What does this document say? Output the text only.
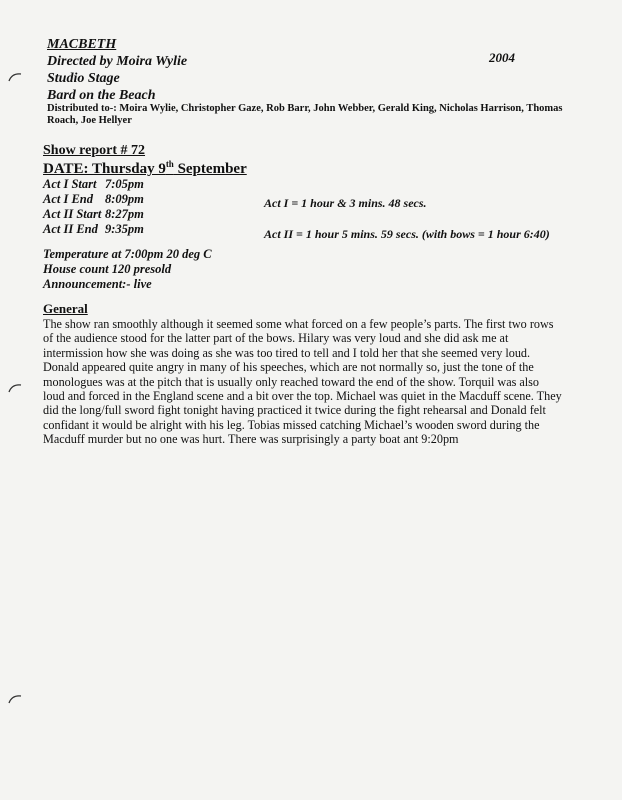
MACBETH
Directed by Moira Wylie
Studio Stage
Bard on the Beach
2004
Distributed to-: Moira Wylie, Christopher Gaze, Rob Barr, John Webber, Gerald King, Nicholas Harrison, Thomas Roach, Joe Hellyer
Show report # 72
DATE: Thursday 9th September
Act I Start 7:05pm
Act I End 8:09pm
Act II Start 8:27pm
Act II End 9:35pm
Act I = 1 hour & 3 mins. 48 secs.
Act II = 1 hour 5 mins. 59 secs. (with bows = 1 hour 6:40)
Temperature at 7:00pm 20 deg C
House count 120 presold
Announcement:- live
General
The show ran smoothly although it seemed some what forced on a few people’s parts. The first two rows
of the audience stood for the latter part of the bows. Hilary was very loud and she did ask me at
intermission how she was doing as she was too tired to tell and I told her that she seemed very loud.
Donald appeared quite angry in many of his speeches, which are not normally so, just the tone of the
monologues was at the pitch that is usually only reached toward the end of the show. Torquil was also
loud and forced in the England scene and a bit over the top. Michael was quiet in the Macduff scene. They
did the long/full sword fight tonight having practiced it twice during the fight rehearsal and Donald felt
confidant it would be alright with his leg. Tobias missed catching Michael’s wooden sword during the
Macduff murder but no one was hurt. There was surprisingly a party boat ant 9:20pm
